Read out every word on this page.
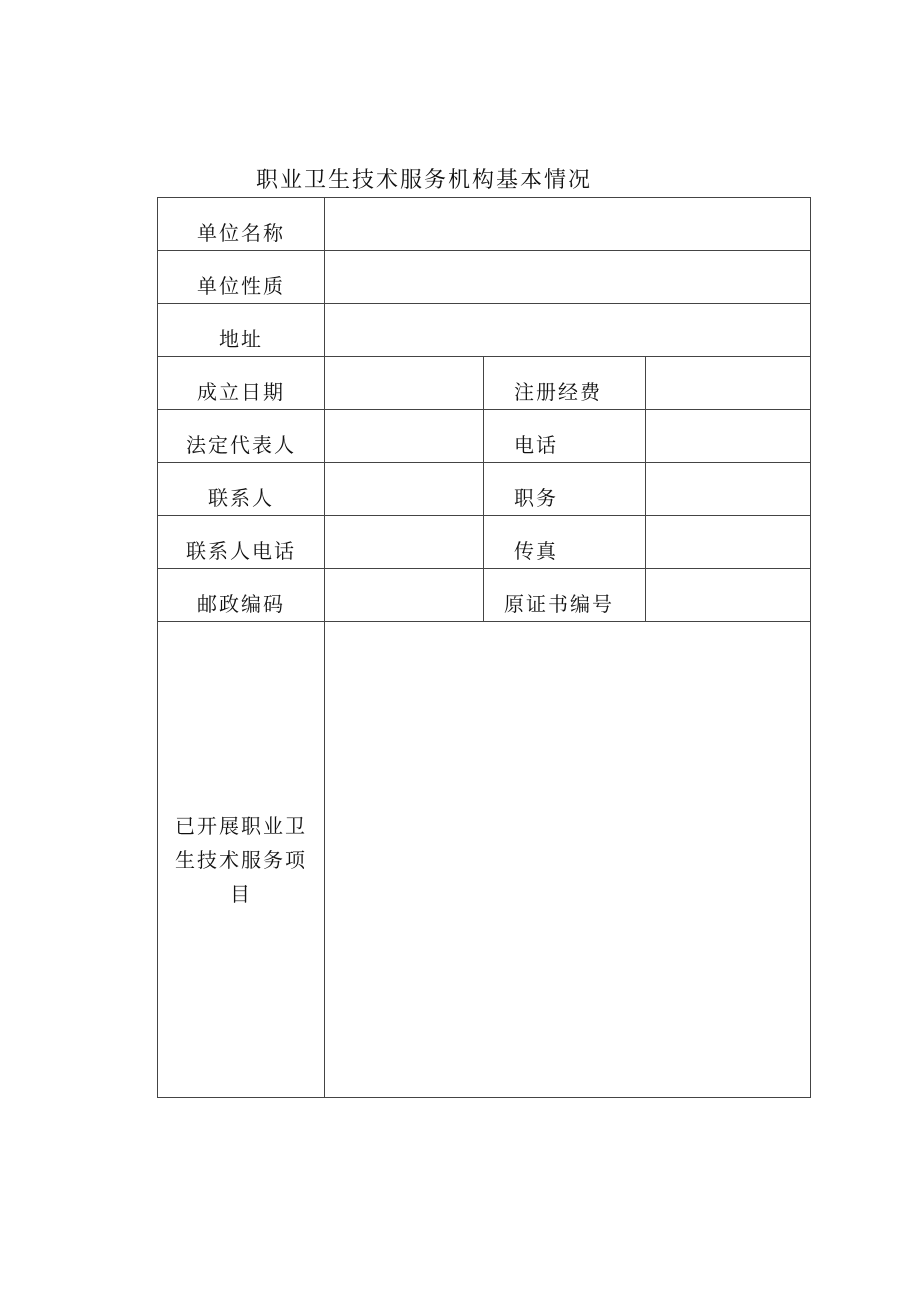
职业卫生技术服务机构基本情况
单位名称			
单位性质			
地址			
成立日期		注册经费	
法定代表人		电话	
联系人		职务	
联系人电话		传真	
邮政编码		原证书编号	
已开展职业卫生技术服务项目			
